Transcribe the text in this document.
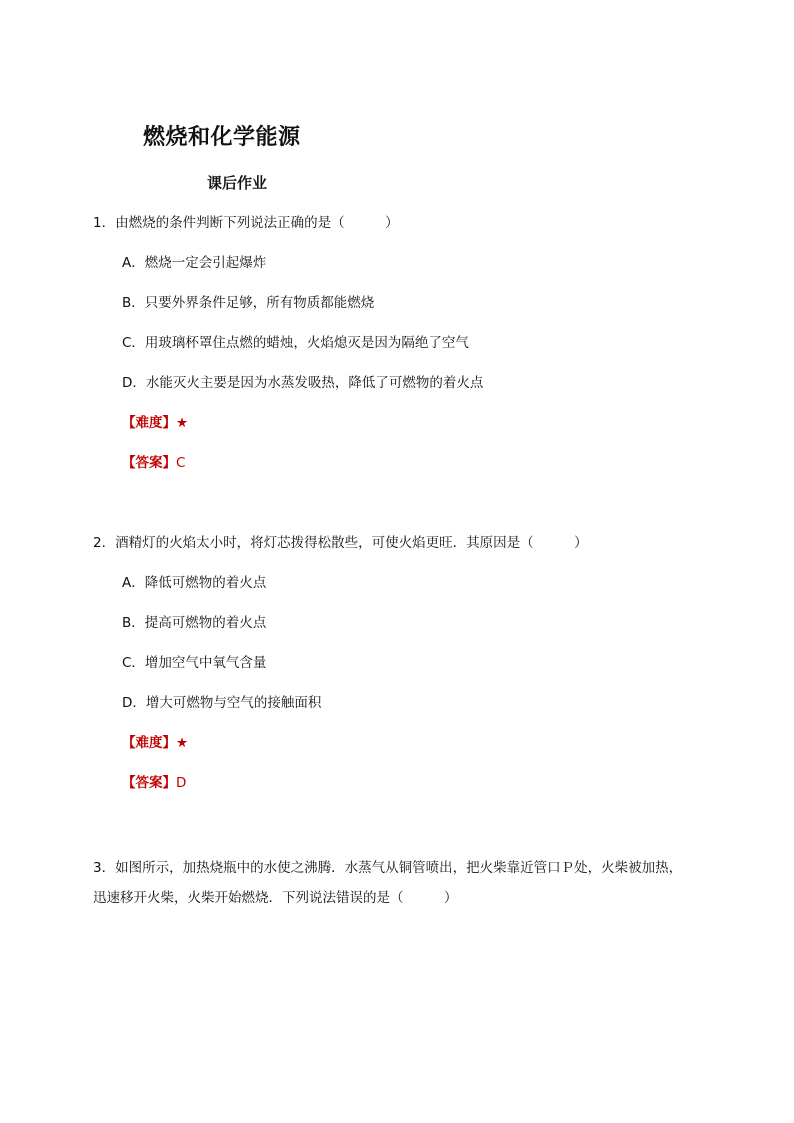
燃烧和化学能源
课后作业
1．由燃烧的条件判断下列说法正确的是（　　　）
A．燃烧一定会引起爆炸
B．只要外界条件足够，所有物质都能燃烧
C．用玻璃杯罩住点燃的蜡烛，火焰熄灭是因为隔绝了空气
D．水能灭火主要是因为水蒸发吸热，降低了可燃物的着火点
【难度】★
【答案】C
2．酒精灯的火焰太小时，将灯芯拨得松散些，可使火焰更旺．其原因是（　　　）
A．降低可燃物的着火点
B．提高可燃物的着火点
C．增加空气中氧气含量
D．增大可燃物与空气的接触面积
【难度】★
【答案】D
3．如图所示，加热烧瓶中的水使之沸腾．水蒸气从铜管喷出，把火柴靠近管口Ｐ处，火柴被加热，
迅速移开火柴，火柴开始燃烧．下列说法错误的是（　　　）
